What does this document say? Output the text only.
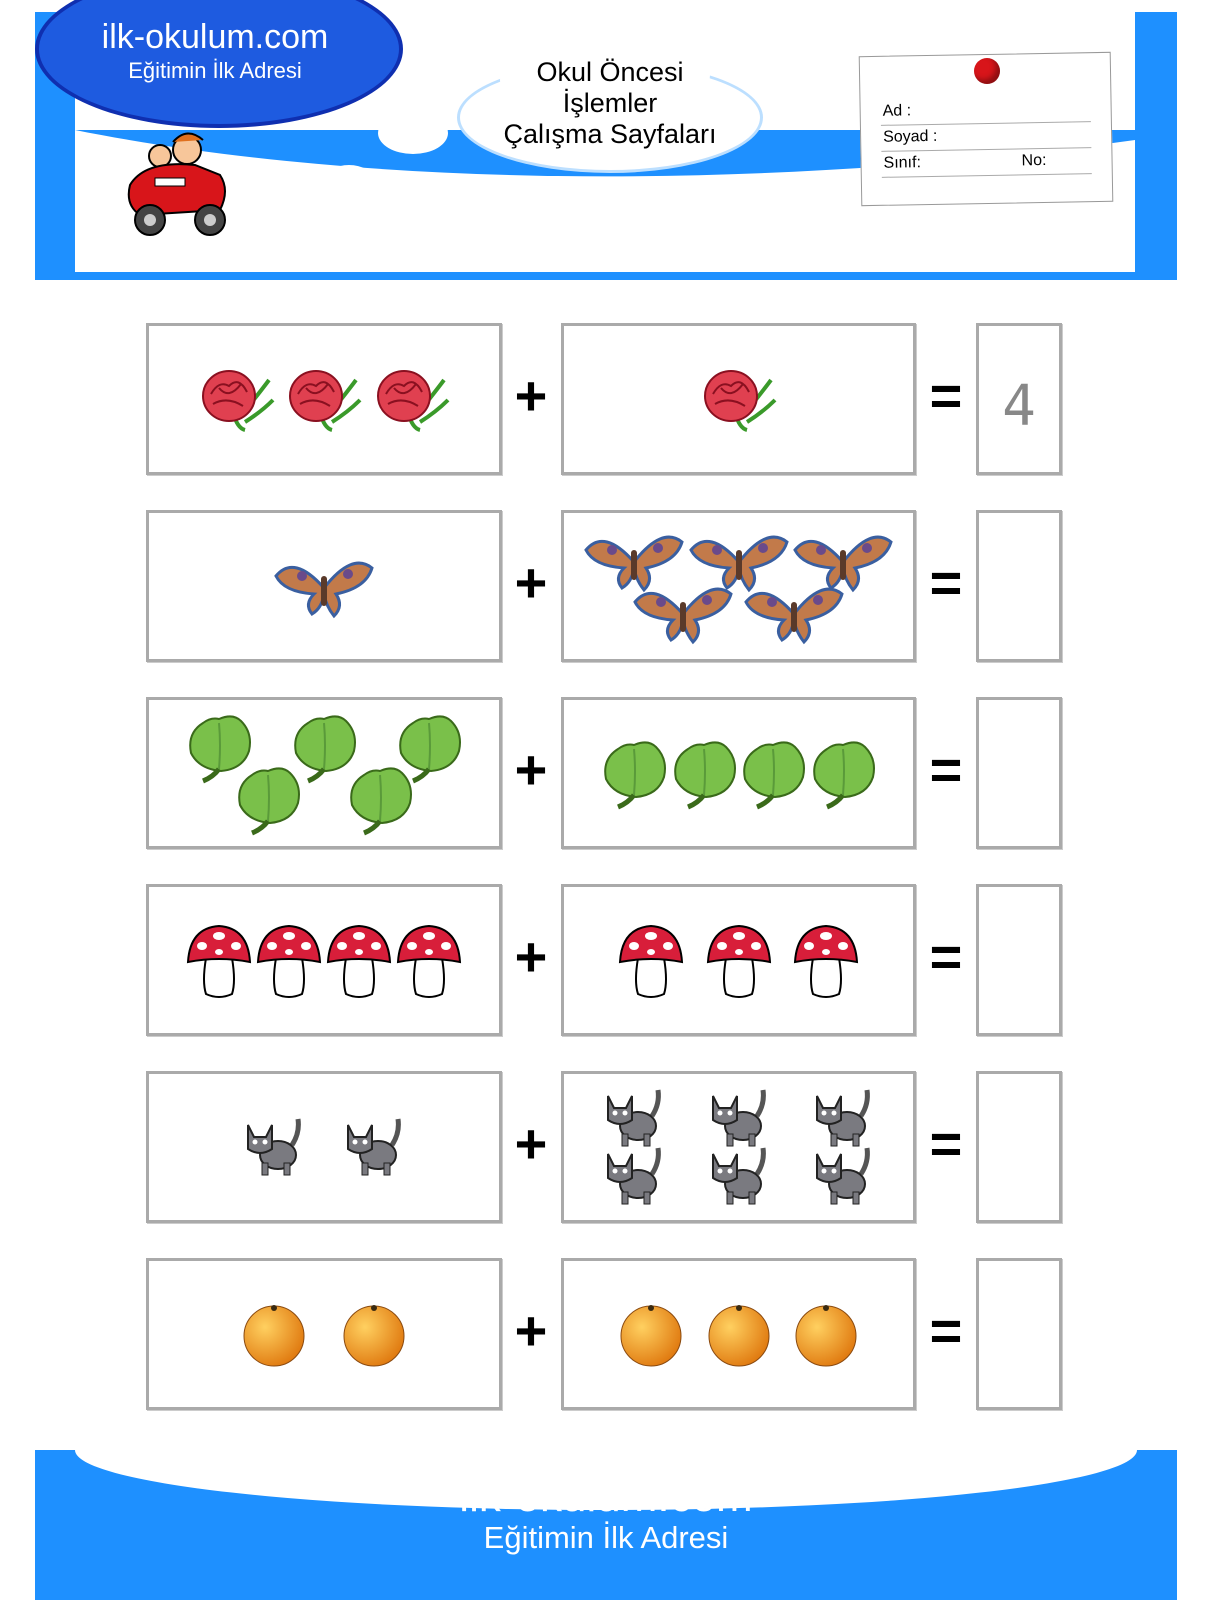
ilk-okulum.com
Eğitimin İlk Adresi	Okul Öncesi
İşlemler
Çalışma Sayfaları
Ad :
Soyad :
Sınıf:	No:
+	= 4
+	=
+	=
+	=
+	=
+	=
ilk-okulum.com
Eğitimin İlk Adresi
